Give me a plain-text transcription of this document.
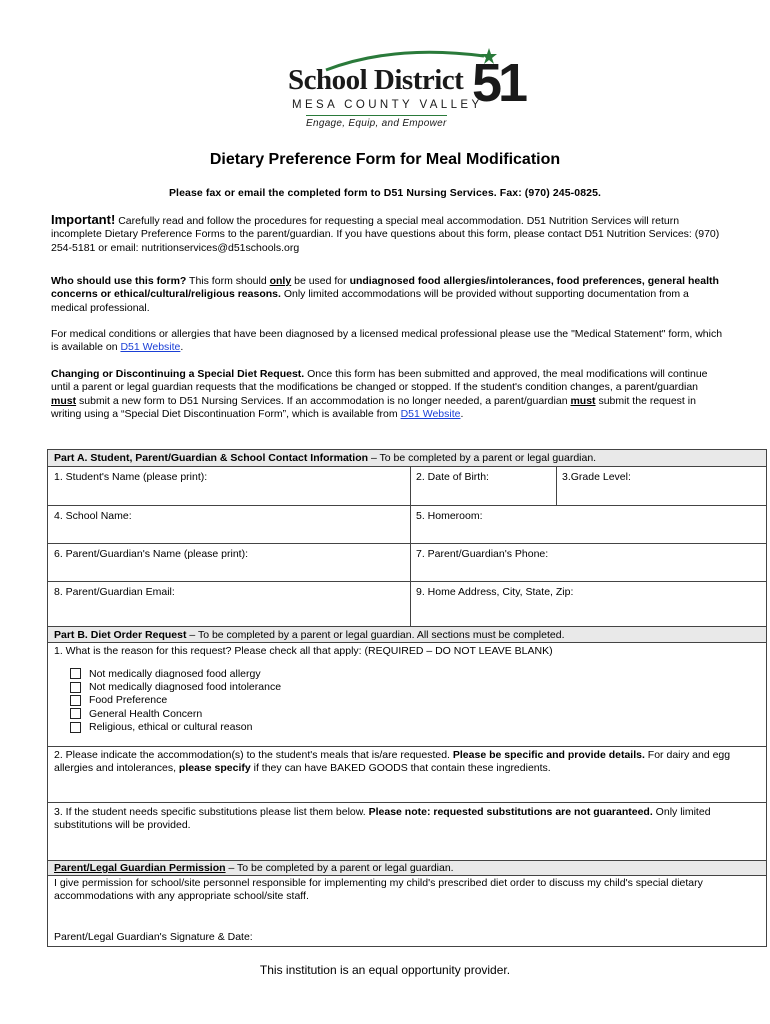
School District 51
MESA COUNTY VALLEY
Engage, Equip, and Empower
Dietary Preference Form for Meal Modification
Please fax or email the completed form to D51 Nursing Services. Fax: (970) 245-0825.
Important! Carefully read and follow the procedures for requesting a special meal accommodation. D51 Nutrition Services will return incomplete Dietary Preference Forms to the parent/guardian. If you have questions about this form, please contact D51 Nutrition Services: (970) 254-5181 or email: nutritionservices@d51schools.org
Who should use this form? This form should only be used for undiagnosed food allergies/intolerances, food preferences, general health concerns or ethical/cultural/religious reasons. Only limited accommodations will be provided without supporting documentation from a medical professional.
For medical conditions or allergies that have been diagnosed by a licensed medical professional please use the "Medical Statement" form, which is available on D51 Website.
Changing or Discontinuing a Special Diet Request. Once this form has been submitted and approved, the meal modifications will continue until a parent or legal guardian requests that the modifications be changed or stopped. If the student's condition changes, a parent/guardian must submit a new form to D51 Nursing Services. If an accommodation is no longer needed, a parent/guardian must submit the request in writing using a “Special Diet Discontinuation Form”, which is available from D51 Website.
Part A. Student, Parent/Guardian & School Contact Information – To be completed by a parent or legal guardian.
1. Student's Name (please print):	2. Date of Birth:	3.Grade Level:
4. School Name:	5. Homeroom:
6. Parent/Guardian's Name (please print):	7. Parent/Guardian's Phone:
8. Parent/Guardian Email:	9. Home Address, City, State, Zip:
Part B. Diet Order Request – To be completed by a parent or legal guardian. All sections must be completed.
1. What is the reason for this request? Please check all that apply: (REQUIRED – DO NOT LEAVE BLANK)
Not medically diagnosed food allergy
Not medically diagnosed food intolerance
Food Preference
General Health Concern
Religious, ethical or cultural reason
2. Please indicate the accommodation(s) to the student's meals that is/are requested. Please be specific and provide details. For dairy and egg allergies and intolerances, please specify if they can have BAKED GOODS that contain these ingredients.
3. If the student needs specific substitutions please list them below. Please note: requested substitutions are not guaranteed. Only limited substitutions will be provided.
Parent/Legal Guardian Permission – To be completed by a parent or legal guardian.
I give permission for school/site personnel responsible for implementing my child's prescribed diet order to discuss my child's special dietary accommodations with any appropriate school/site staff.
Parent/Legal Guardian's Signature & Date:
This institution is an equal opportunity provider.
